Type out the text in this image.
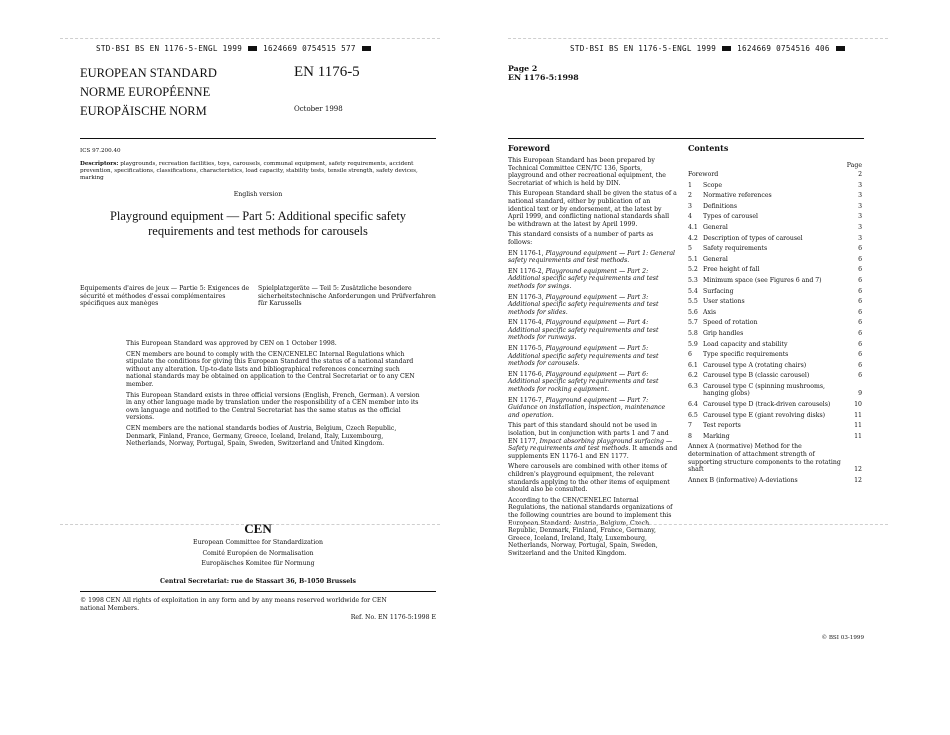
STD·BSI BS EN 1176-5-ENGL 1999	1624669 0754515 577
EUROPEAN STANDARD
NORME EUROPÉENNE
EUROPÄISCHE NORM
EN 1176-5
October 1998
ICS 97.200.40
Descriptors: playgrounds, recreation facilities, toys, carousels, communal equipment, safety requirements, accident prevention, specifications, classifications, characteristics, load capacity, stability tests, tensile strength, safety devices, marking
English version
Playground equipment — Part 5: Additional specific safety
requirements and test methods for carousels
Equipements d'aires de jeux — Partie 5: Exigences de sécurité et méthodes d'essai complémentaires spécifiques aux manèges
Spielplatzgeräte — Teil 5: Zusätzliche besondere sicherheitstechnische Anforderungen und Prüfverfahren für Karussells

This European Standard was approved by CEN on 1 October 1998.

CEN members are bound to comply with the CEN/CENELEC Internal Regulations which stipulate the conditions for giving this European Standard the status of a national standard without any alteration. Up-to-date lists and bibliographical references concerning such national standards may be obtained on application to the Central Secretariat or to any CEN member.

This European Standard exists in three official versions (English, French, German). A version in any other language made by translation under the responsibility of a CEN member into its own language and notified to the Central Secretariat has the same status as the official versions.

CEN members are the national standards bodies of Austria, Belgium, Czech Republic, Denmark, Finland, France, Germany, Greece, Iceland, Ireland, Italy, Luxembourg, Netherlands, Norway, Portugal, Spain, Sweden, Switzerland and United Kingdom.

CEN
European Committee for Standardization
Comité Européen de Normalisation
Europäisches Komitee für Normung
Central Secretariat: rue de Stassart 36, B-1050 Brussels
© 1998 CEN All rights of exploitation in any form and by any means reserved worldwide for CEN national Members.
Ref. No. EN 1176-5:1998 E
STD·BSI BS EN 1176-5-ENGL 1999	1624669 0754516 406
Page 2
EN 1176-5:1998
Foreword

This European Standard has been prepared by Technical Committee CEN/TC 136, Sports, playground and other recreational equipment, the Secretariat of which is held by DIN.

This European Standard shall be given the status of a national standard, either by publication of an identical text or by endorsement, at the latest by April 1999, and conflicting national standards shall be withdrawn at the latest by April 1999.

This standard consists of a number of parts as follows:

EN 1176-1, Playground equipment — Part 1: General safety requirements and test methods.

EN 1176-2, Playground equipment — Part 2: Additional specific safety requirements and test methods for swings.

EN 1176-3, Playground equipment — Part 3: Additional specific safety requirements and test methods for slides.

EN 1176-4, Playground equipment — Part 4: Additional specific safety requirements and test methods for runways.

EN 1176-5, Playground equipment — Part 5: Additional specific safety requirements and test methods for carousels.

EN 1176-6, Playground equipment — Part 6: Additional specific safety requirements and test methods for rocking equipment.

EN 1176-7, Playground equipment — Part 7: Guidance on installation, inspection, maintenance and operation.

This part of this standard should not be used in isolation, but in conjunction with parts 1 and 7 and EN 1177, Impact absorbing playground surfacing — Safety requirements and test methods. It amends and supplements EN 1176-1 and EN 1177.

Where carousels are combined with other items of children's playground equipment, the relevant standards applying to the other items of equipment should also be consulted.

According to the CEN/CENELEC Internal Regulations, the national standards organizations of the following countries are bound to implement this European Standard: Austria, Belgium, Czech Republic, Denmark, Finland, France, Germany, Greece, Iceland, Ireland, Italy, Luxembourg, Netherlands, Norway, Portugal, Spain, Sweden, Switzerland and the United Kingdom.

Contents
Page
Foreword	2
1	Scope	3
2	Normative references	3
3	Definitions	3
4	Types of carousel	3
4.1 General	3
4.2 Description of types of carousel	3
5	Safety requirements	6
5.1 General	6
5.2 Free height of fall	6
5.3 Minimum space (see Figures 6 and 7)	6
5.4 Surfacing	6
5.5 User stations	6
5.6 Axis	6
5.7 Speed of rotation	6
5.8 Grip handles	6
5.9 Load capacity and stability	6
6	Type specific requirements	6
6.1 Carousel type A (rotating chairs)	6
6.2 Carousel type B (classic carousel)	6
6.3 Carousel type C (spinning mushrooms, hanging globs)	9
6.4 Carousel type D (track-driven carousels)	10
6.5 Carousel type E (giant revolving disks)	11
7	Test reports	11
8	Marking	11
Annex A (normative) Method for the determination of attachment strength of supporting structure components to the rotating shaft	12
Annex B (informative) A-deviations	12
© BSI 03-1999
